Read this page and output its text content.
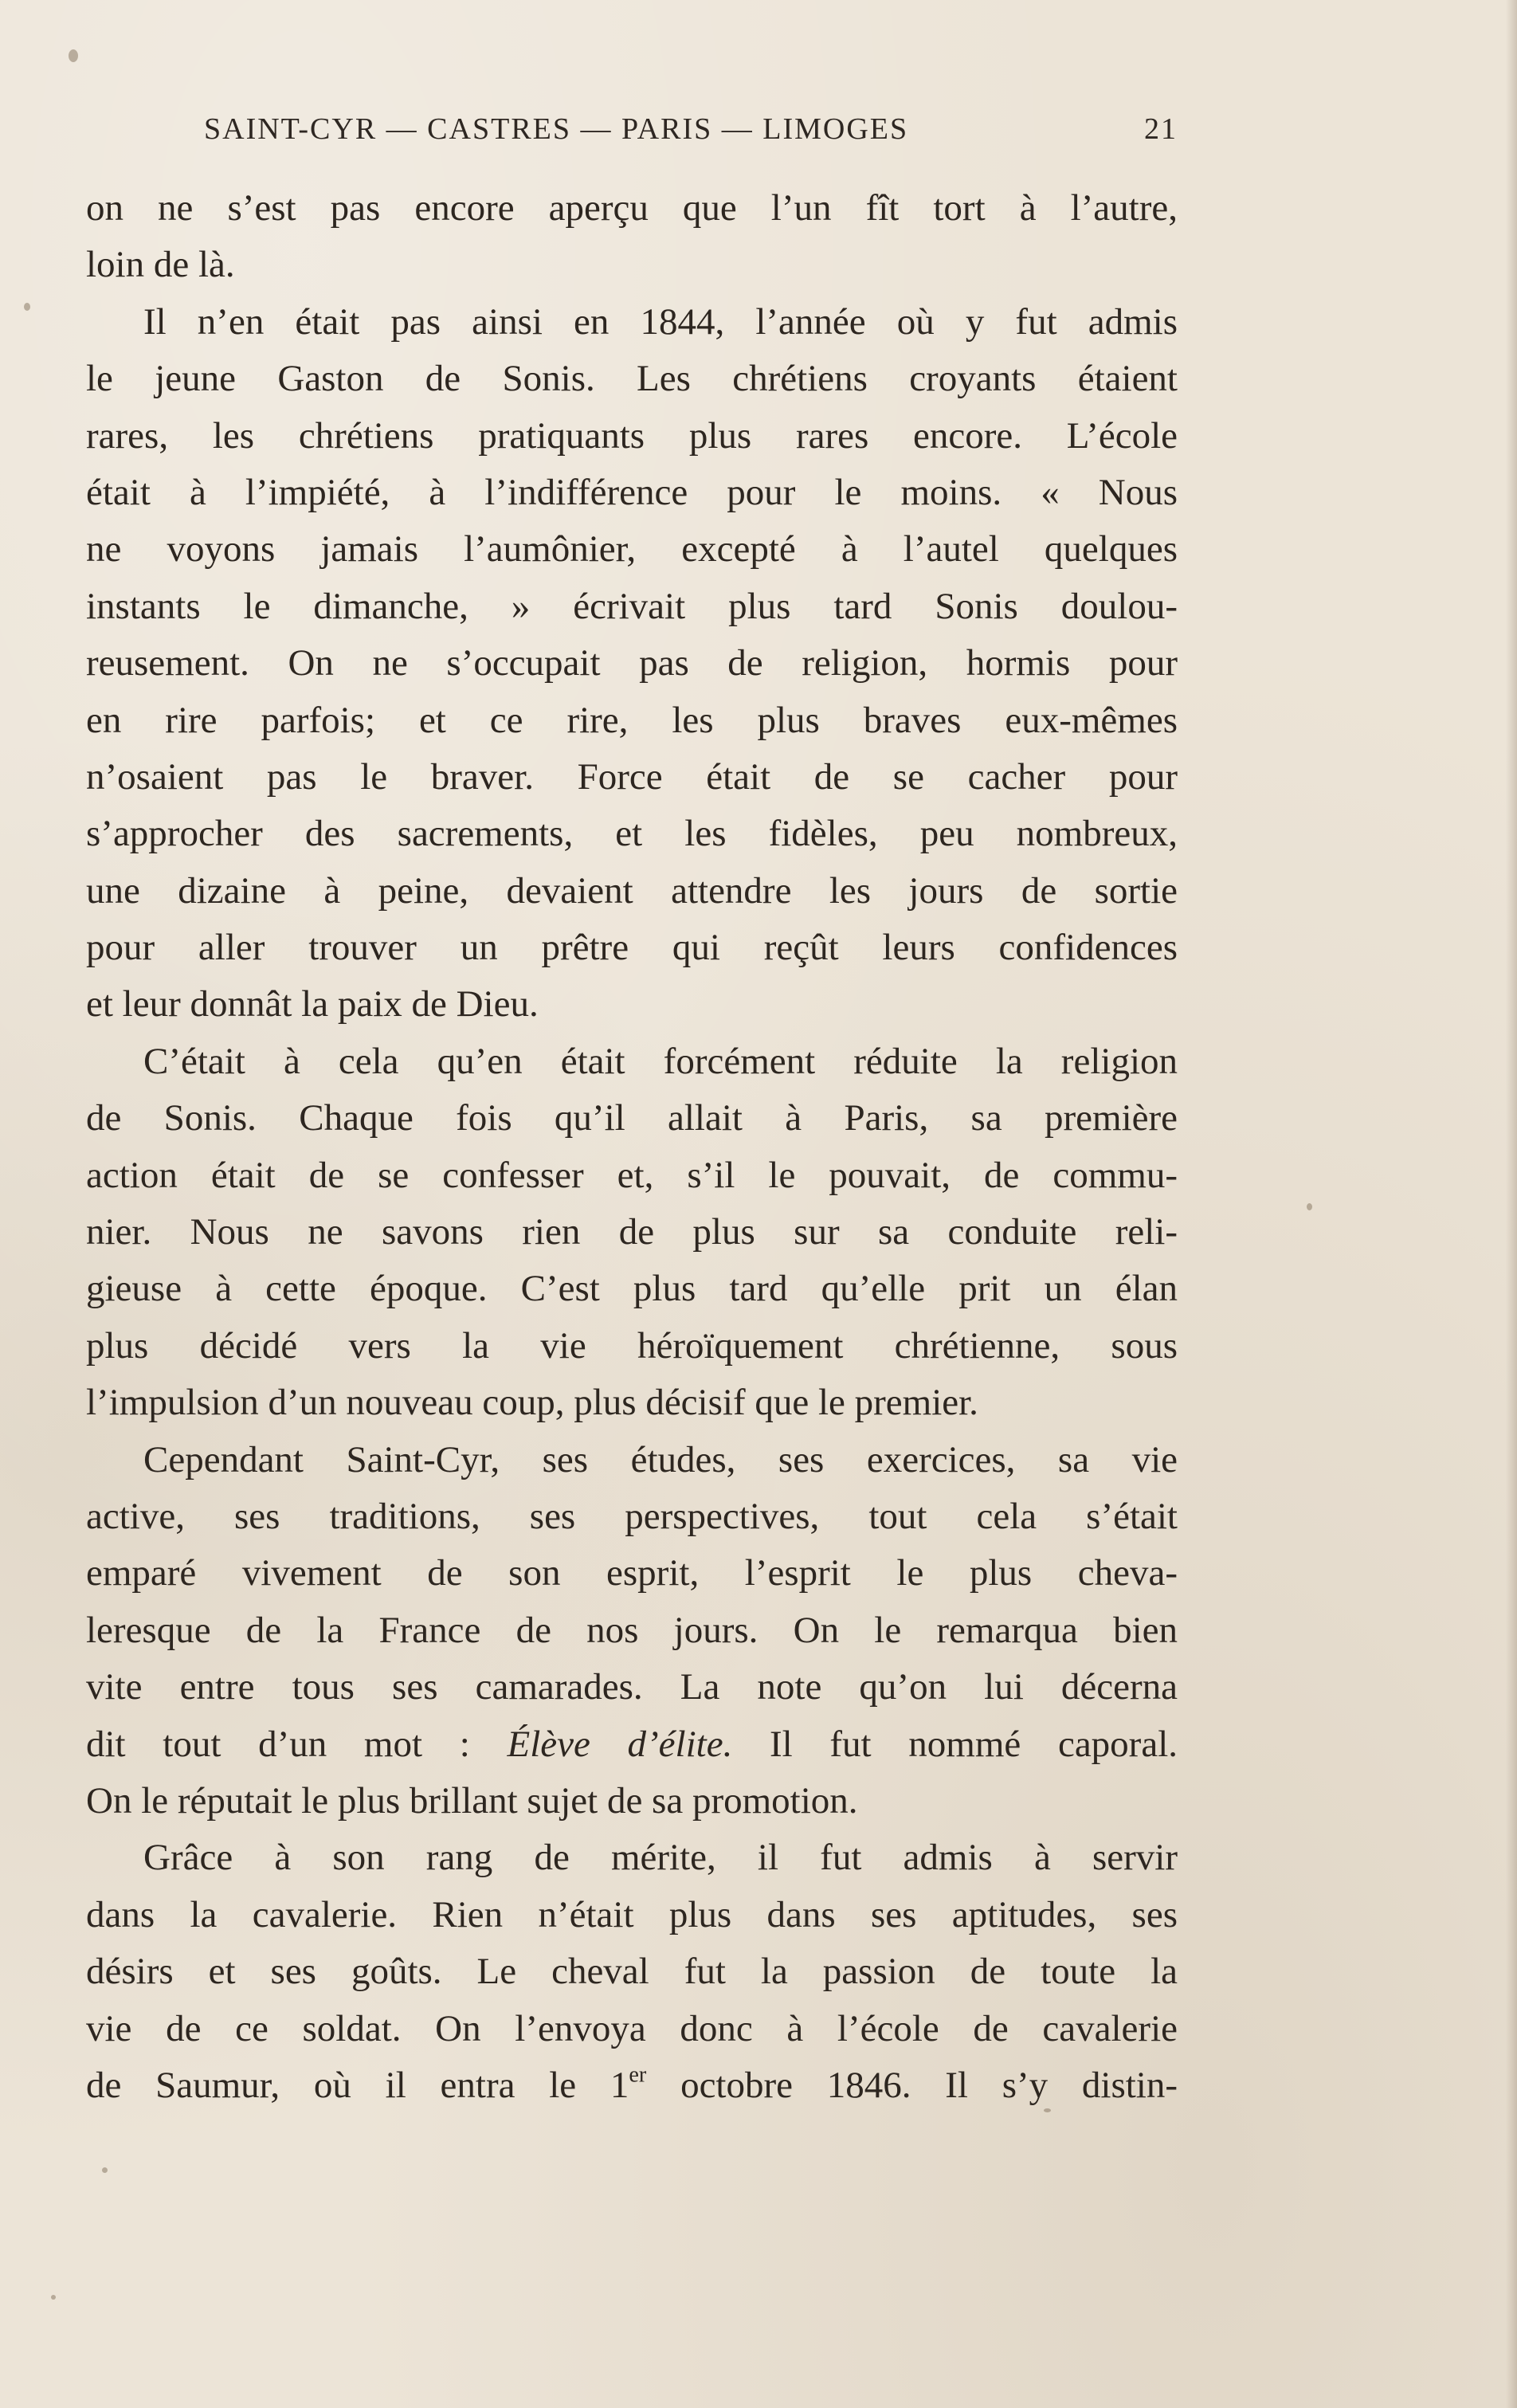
SAINT-CYR — CASTRES — PARIS — LIMOGES	21
on ne s’est pas encore aperçu que l’un fît tort à l’autre,
loin de là.
Il n’en était pas ainsi en 1844, l’année où y fut admis
le jeune Gaston de Sonis. Les chrétiens croyants étaient
rares, les chrétiens pratiquants plus rares encore. L’école
était à l’impiété, à l’indifférence pour le moins. « Nous
ne voyons jamais l’aumônier, excepté à l’autel quelques
instants le dimanche, » écrivait plus tard Sonis doulou-
reusement. On ne s’occupait pas de religion, hormis pour
en rire parfois; et ce rire, les plus braves eux-mêmes
n’osaient pas le braver. Force était de se cacher pour
s’approcher des sacrements, et les fidèles, peu nombreux,
une dizaine à peine, devaient attendre les jours de sortie
pour aller trouver un prêtre qui reçût leurs confidences
et leur donnât la paix de Dieu.
C’était à cela qu’en était forcément réduite la religion
de Sonis. Chaque fois qu’il allait à Paris, sa première
action était de se confesser et, s’il le pouvait, de commu-
nier. Nous ne savons rien de plus sur sa conduite reli-
gieuse à cette époque. C’est plus tard qu’elle prit un élan
plus décidé vers la vie héroïquement chrétienne, sous
l’impulsion d’un nouveau coup, plus décisif que le premier.
Cependant Saint-Cyr, ses études, ses exercices, sa vie
active, ses traditions, ses perspectives, tout cela s’était
emparé vivement de son esprit, l’esprit le plus cheva-
leresque de la France de nos jours. On le remarqua bien
vite entre tous ses camarades. La note qu’on lui décerna
dit tout d’un mot : Élève d’élite. Il fut nommé caporal.
On le réputait le plus brillant sujet de sa promotion.
Grâce à son rang de mérite, il fut admis à servir
dans la cavalerie. Rien n’était plus dans ses aptitudes, ses
désirs et ses goûts. Le cheval fut la passion de toute la
vie de ce soldat. On l’envoya donc à l’école de cavalerie
de Saumur, où il entra le 1er octobre 1846. Il s’y distin-
